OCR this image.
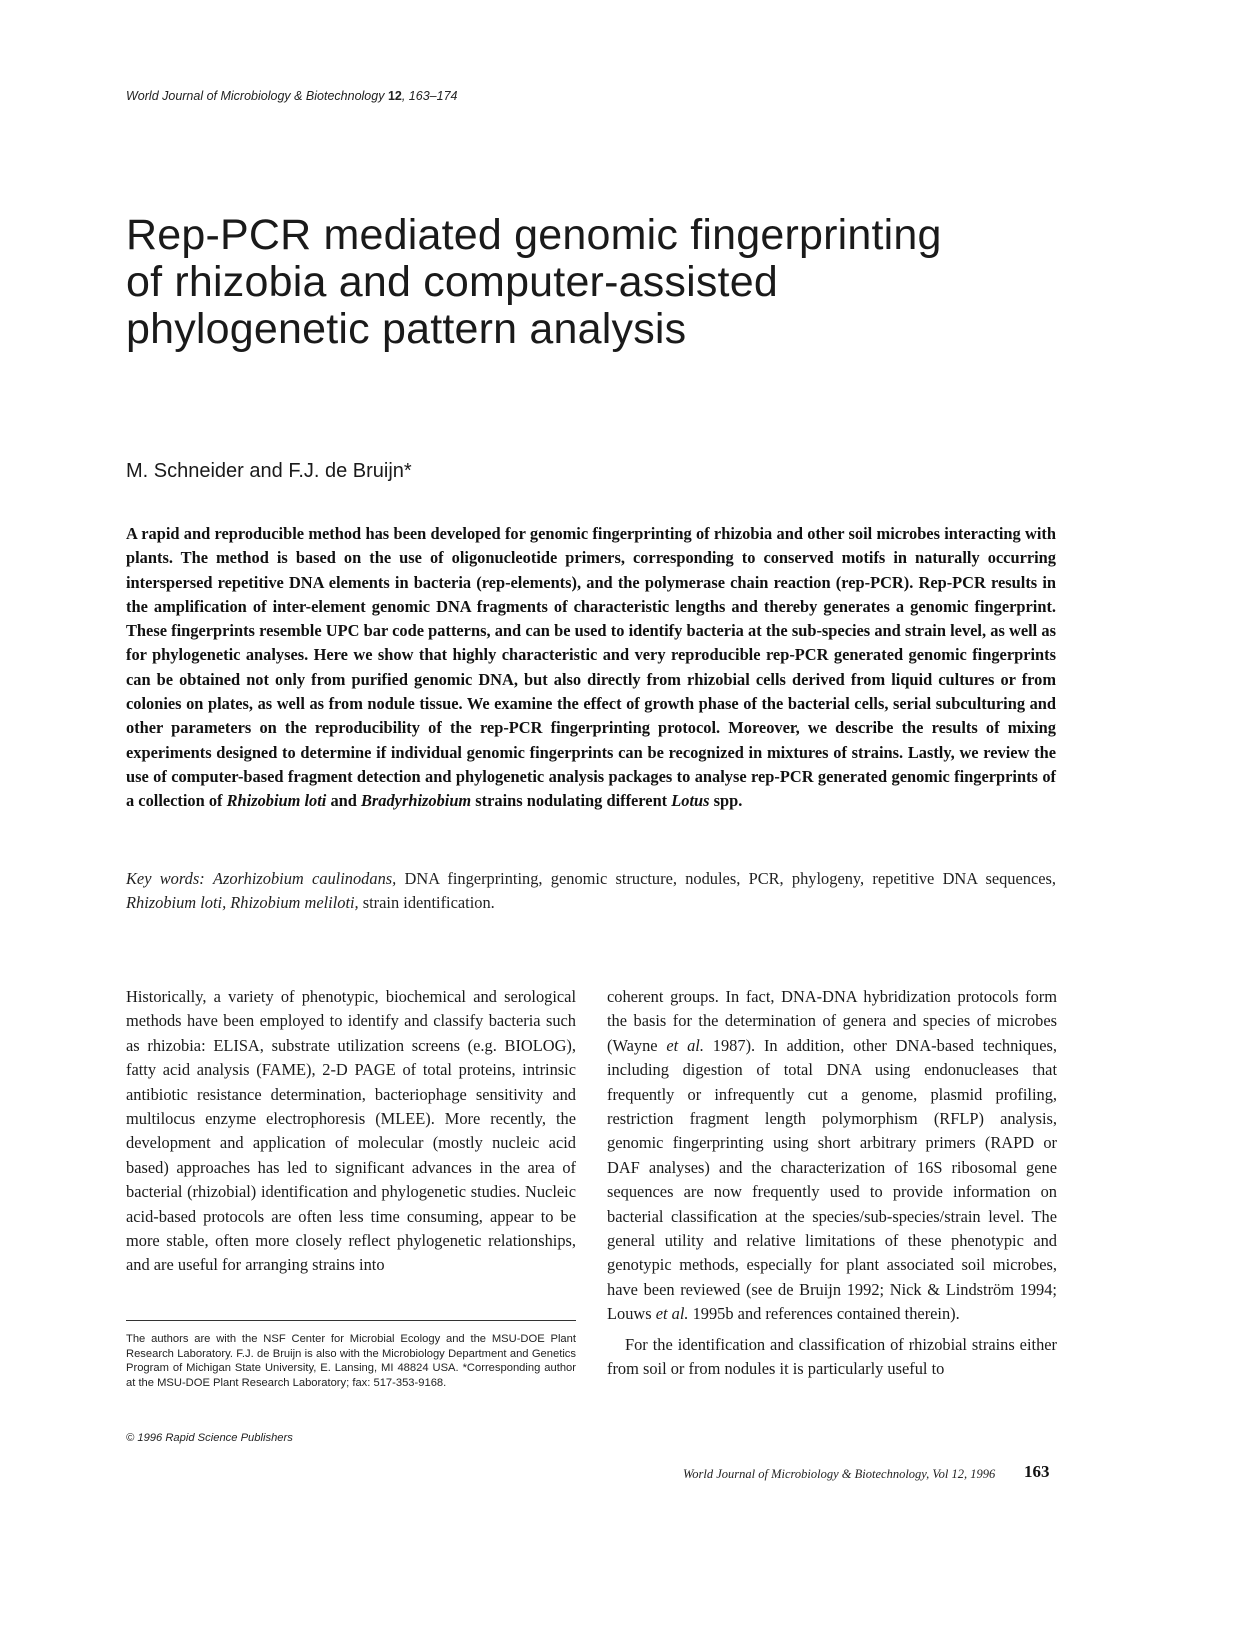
World Journal of Microbiology & Biotechnology 12, 163–174
Rep-PCR mediated genomic fingerprinting
of rhizobia and computer-assisted
phylogenetic pattern analysis
M. Schneider and F.J. de Bruijn*
A rapid and reproducible method has been developed for genomic fingerprinting of rhizobia and other soil microbes interacting with plants. The method is based on the use of oligonucleotide primers, corresponding to conserved motifs in naturally occurring interspersed repetitive DNA elements in bacteria (rep-elements), and the polymerase chain reaction (rep-PCR). Rep-PCR results in the amplification of inter-element genomic DNA fragments of characteristic lengths and thereby generates a genomic fingerprint. These fingerprints resemble UPC bar code patterns, and can be used to identify bacteria at the sub-species and strain level, as well as for phylogenetic analyses. Here we show that highly characteristic and very reproducible rep-PCR generated genomic fingerprints can be obtained not only from purified genomic DNA, but also directly from rhizobial cells derived from liquid cultures or from colonies on plates, as well as from nodule tissue. We examine the effect of growth phase of the bacterial cells, serial subculturing and other parameters on the reproducibility of the rep-PCR fingerprinting protocol. Moreover, we describe the results of mixing experiments designed to determine if individual genomic fingerprints can be recognized in mixtures of strains. Lastly, we review the use of computer-based fragment detection and phylogenetic analysis packages to analyse rep-PCR generated genomic fingerprints of a collection of Rhizobium loti and Bradyrhizobium strains nodulating different Lotus spp.
Key words: Azorhizobium caulinodans, DNA fingerprinting, genomic structure, nodules, PCR, phylogeny, repetitive DNA sequences, Rhizobium loti, Rhizobium meliloti, strain identification.

Historically, a variety of phenotypic, biochemical and serological methods have been employed to identify and classify bacteria such as rhizobia: ELISA, substrate utilization screens (e.g. BIOLOG), fatty acid analysis (FAME), 2-D PAGE of total proteins, intrinsic antibiotic resistance determination, bacteriophage sensitivity and multilocus enzyme electrophoresis (MLEE). More recently, the development and application of molecular (mostly nucleic acid based) approaches has led to significant advances in the area of bacterial (rhizobial) identification and phylogenetic studies. Nucleic acid-based protocols are often less time consuming, appear to be more stable, often more closely reflect phylogenetic relationships, and are useful for arranging strains into

coherent groups. In fact, DNA-DNA hybridization protocols form the basis for the determination of genera and species of microbes (Wayne et al. 1987). In addition, other DNA-based techniques, including digestion of total DNA using endonucleases that frequently or infrequently cut a genome, plasmid profiling, restriction fragment length polymorphism (RFLP) analysis, genomic fingerprinting using short arbitrary primers (RAPD or DAF analyses) and the characterization of 16S ribosomal gene sequences are now frequently used to provide information on bacterial classification at the species/sub-species/strain level. The general utility and relative limitations of these phenotypic and genotypic methods, especially for plant associated soil microbes, have been reviewed (see de Bruijn 1992; Nick & Lindström 1994; Louws et al. 1995b and references contained therein).

For the identification and classification of rhizobial strains either from soil or from nodules it is particularly useful to

The authors are with the NSF Center for Microbial Ecology and the MSU-DOE Plant Research Laboratory. F.J. de Bruijn is also with the Microbiology Department and Genetics Program of Michigan State University, E. Lansing, MI 48824 USA. *Corresponding author at the MSU-DOE Plant Research Laboratory; fax: 517-353-9168.
© 1996 Rapid Science Publishers
World Journal of Microbiology & Biotechnology, Vol 12, 1996 163
